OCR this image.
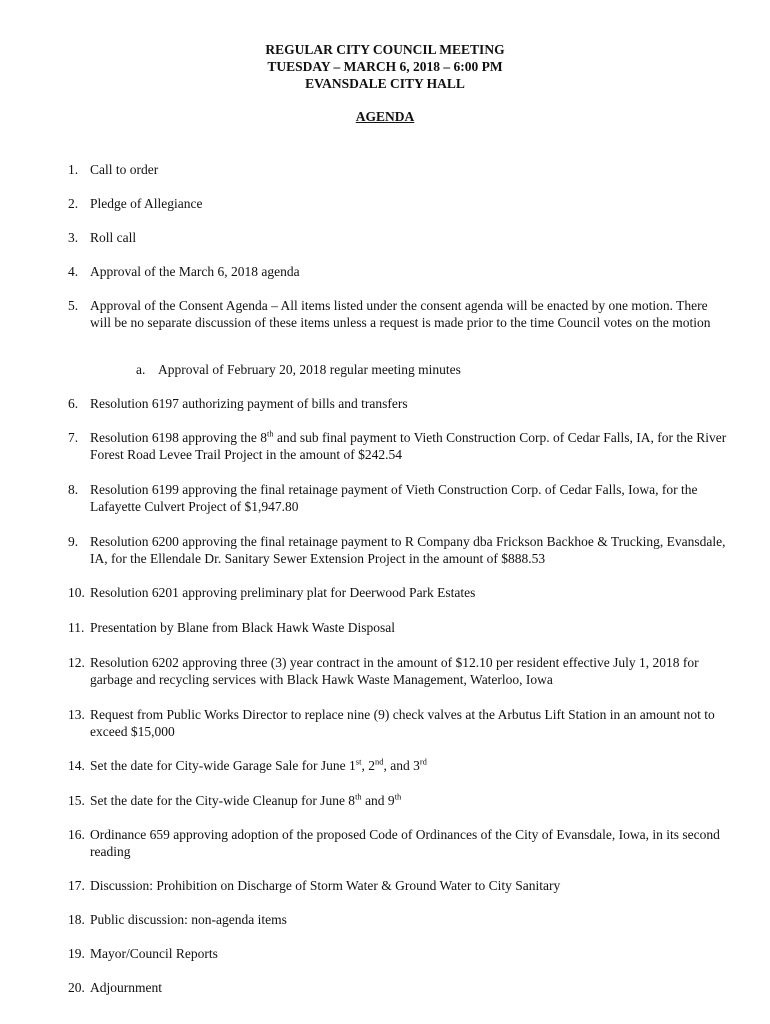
REGULAR CITY COUNCIL MEETING
TUESDAY – MARCH 6, 2018 – 6:00 PM
EVANSDALE CITY HALL
AGENDA
1. Call to order
2. Pledge of Allegiance
3. Roll call
4. Approval of the March 6, 2018 agenda
5. Approval of the Consent Agenda – All items listed under the consent agenda will be enacted by one motion. There will be no separate discussion of these items unless a request is made prior to the time Council votes on the motion
a. Approval of February 20, 2018 regular meeting minutes
6. Resolution 6197 authorizing payment of bills and transfers
7. Resolution 6198 approving the 8th and sub final payment to Vieth Construction Corp. of Cedar Falls, IA, for the River Forest Road Levee Trail Project in the amount of $242.54
8. Resolution 6199 approving the final retainage payment of Vieth Construction Corp. of Cedar Falls, Iowa, for the Lafayette Culvert Project of $1,947.80
9. Resolution 6200 approving the final retainage payment to R Company dba Frickson Backhoe & Trucking, Evansdale, IA, for the Ellendale Dr. Sanitary Sewer Extension Project in the amount of $888.53
10. Resolution 6201 approving preliminary plat for Deerwood Park Estates
11. Presentation by Blane from Black Hawk Waste Disposal
12. Resolution 6202 approving three (3) year contract in the amount of $12.10 per resident effective July 1, 2018 for garbage and recycling services with Black Hawk Waste Management, Waterloo, Iowa
13. Request from Public Works Director to replace nine (9) check valves at the Arbutus Lift Station in an amount not to exceed $15,000
14. Set the date for City-wide Garage Sale for June 1st, 2nd, and 3rd
15. Set the date for the City-wide Cleanup for June 8th and 9th
16. Ordinance 659 approving adoption of the proposed Code of Ordinances of the City of Evansdale, Iowa, in its second reading
17. Discussion: Prohibition on Discharge of Storm Water & Ground Water to City Sanitary
18. Public discussion: non-agenda items
19. Mayor/Council Reports
20. Adjournment
